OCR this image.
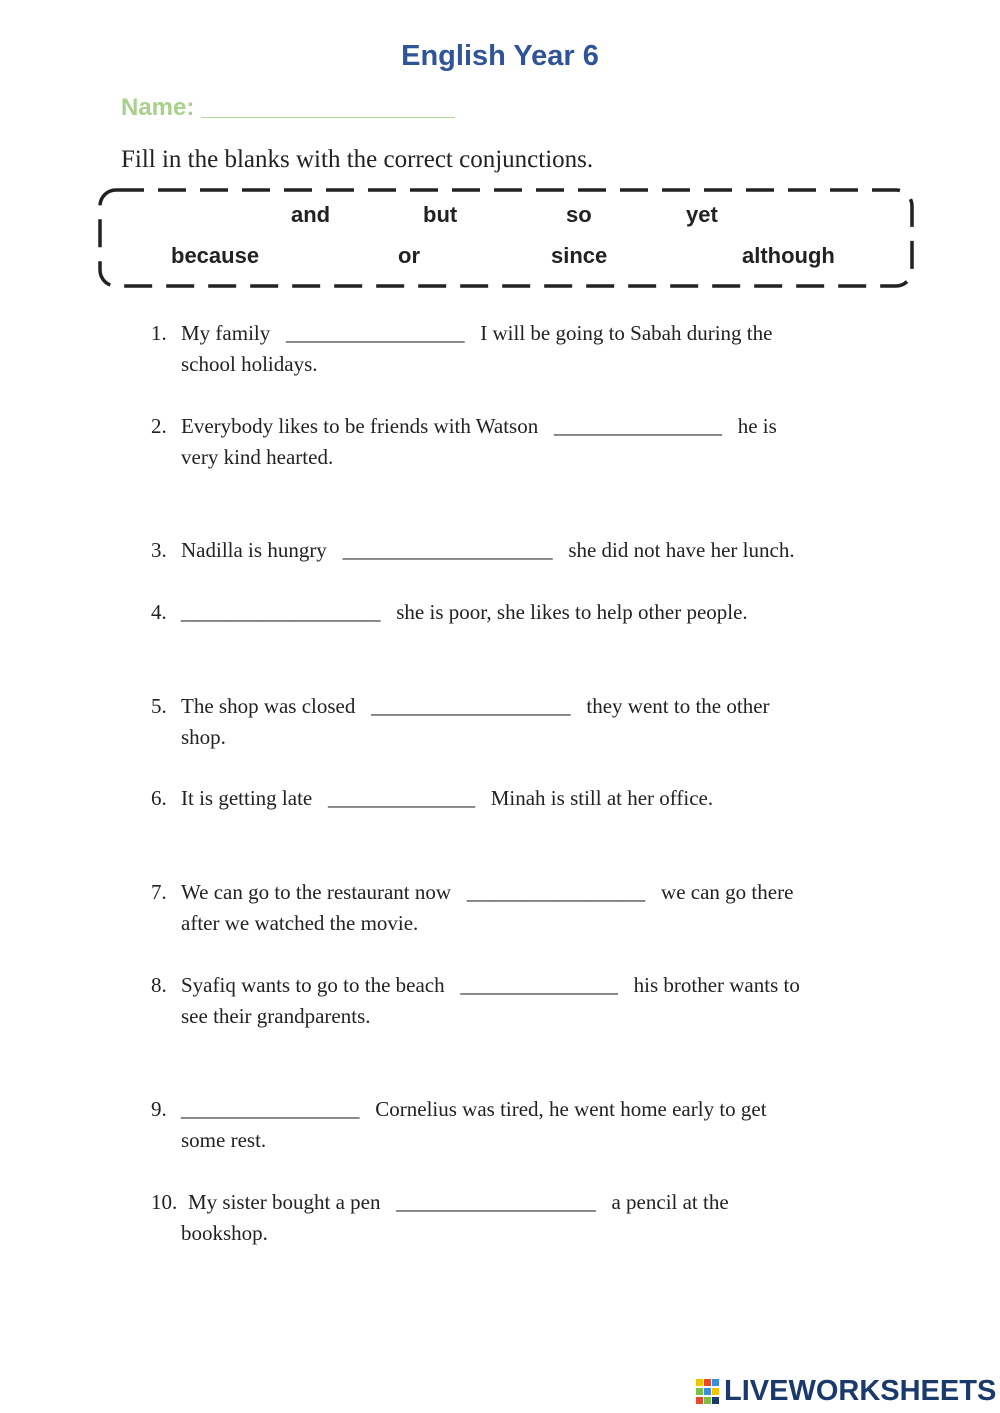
English Year 6
Name: ___________________
Fill in the blanks with the correct conjunctions.
and	but	so	yet
because	or	since	although
1. My family _________________ I will be going to Sabah during the
school holidays.
2. Everybody likes to be friends with Watson ________________ he is
very kind hearted.
3. Nadilla is hungry ____________________ she did not have her lunch.
4. ___________________ she is poor, she likes to help other people.
5. The shop was closed ___________________ they went to the other
shop.
6. It is getting late ______________ Minah is still at her office.
7. We can go to the restaurant now _________________ we can go there
after we watched the movie.
8. Syafiq wants to go to the beach _______________ his brother wants to
see their grandparents.
9. _________________ Cornelius was tired, he went home early to get
some rest.
10. My sister bought a pen ___________________ a pencil at the
bookshop.
LIVEWORKSHEETS
